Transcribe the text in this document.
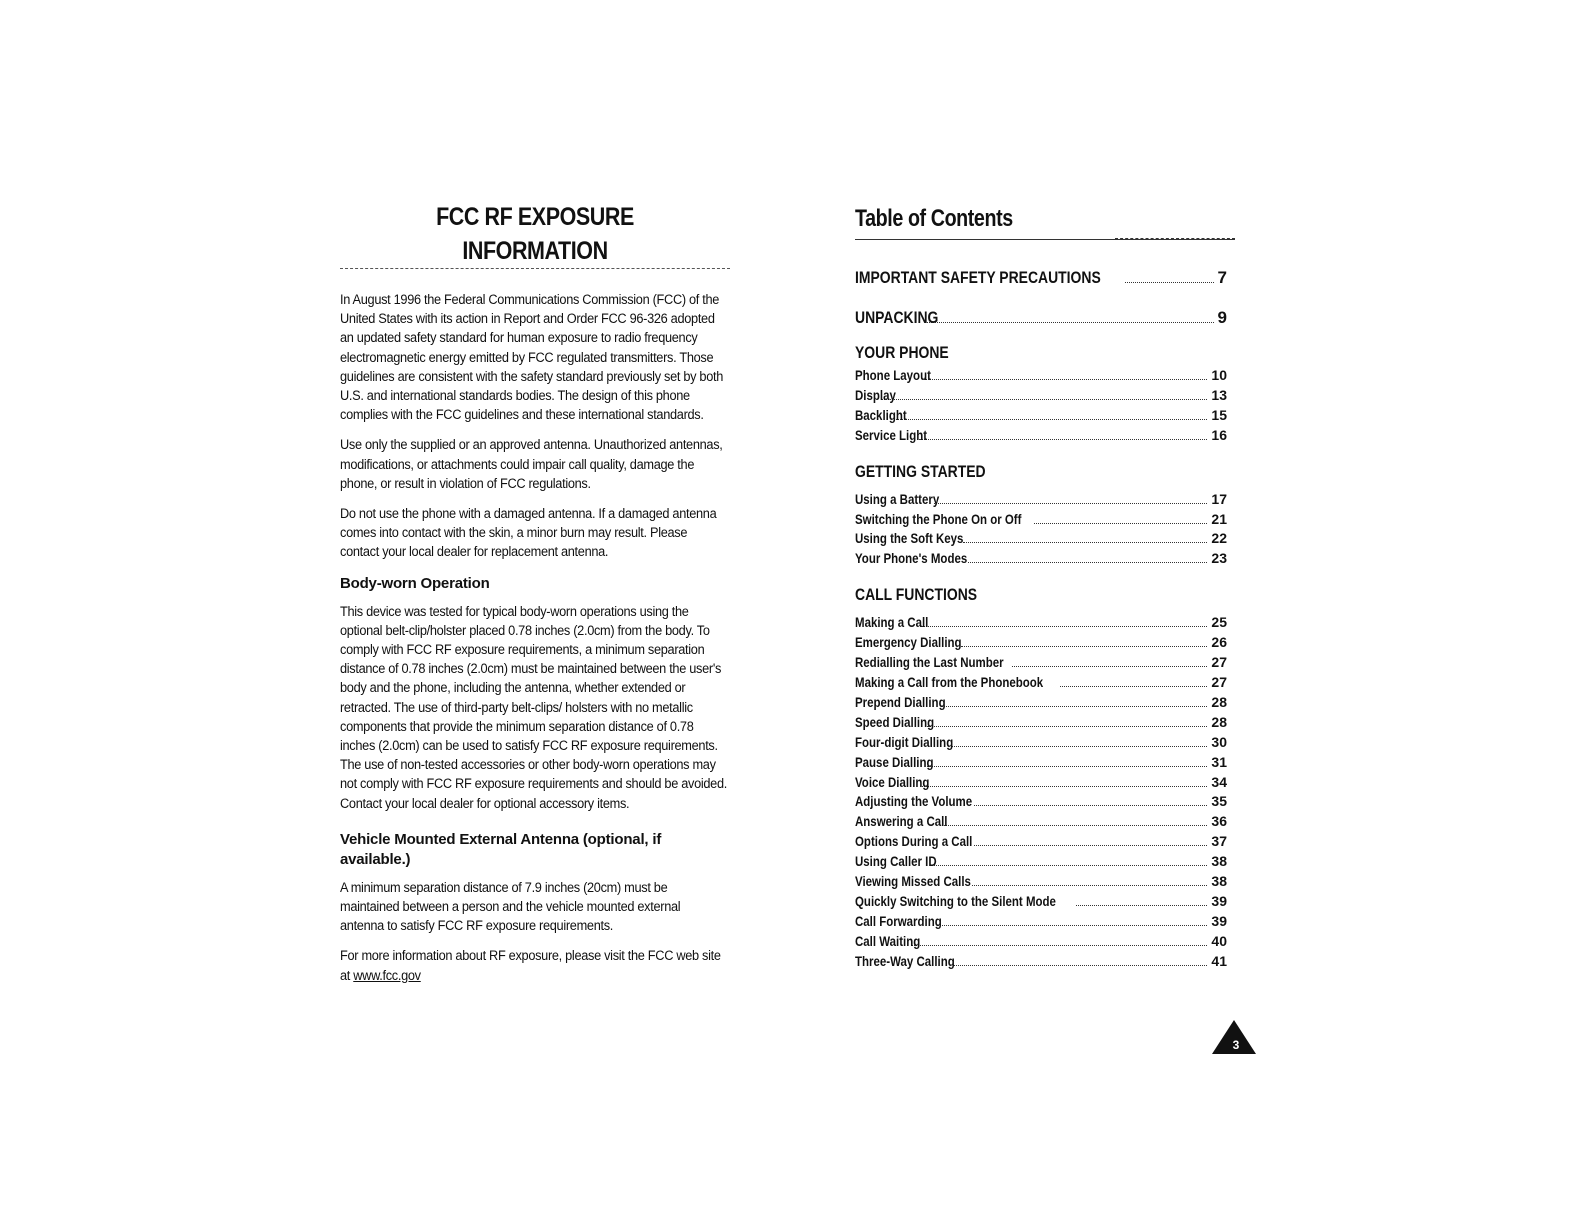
FCC RF EXPOSURE INFORMATION

In August 1996 the Federal Communications Commission (FCC) of the United States with its action in Report and Order FCC 96-326 adopted an updated safety standard for human exposure to radio frequency electromagnetic energy emitted by FCC regulated transmitters. Those guidelines are consistent with the safety standard previously set by both U.S. and international standards bodies. The design of this phone complies with the FCC guidelines and these international standards.

Use only the supplied or an approved antenna. Unauthorized antennas, modifications, or attachments could impair call quality, damage the phone, or result in violation of FCC regulations.

Do not use the phone with a damaged antenna. If a damaged antenna comes into contact with the skin, a minor burn may result. Please contact your local dealer for replacement antenna.

Body-worn Operation

This device was tested for typical body-worn operations using the optional belt-clip/holster placed 0.78 inches (2.0cm) from the body. To comply with FCC RF exposure requirements, a minimum separation distance of 0.78 inches (2.0cm) must be maintained between the user's body and the phone, including the antenna, whether extended or retracted. The use of third-party belt-clips/ holsters with no metallic components that provide the minimum separation distance of 0.78 inches (2.0cm) can be used to satisfy FCC RF exposure requirements. The use of non-tested accessories or other body-worn operations may not comply with FCC RF exposure requirements and should be avoided. Contact your local dealer for optional accessory items.

Vehicle Mounted External Antenna (optional, if available.)

A minimum separation distance of 7.9 inches (20cm) must be maintained between a person and the vehicle mounted external antenna to satisfy FCC RF exposure requirements.

For more information about RF exposure, please visit the FCC web site at www.fcc.gov

Table of Contents
IMPORTANT SAFETY PRECAUTIONS	7
UNPACKING	9
YOUR PHONE
Phone Layout	10
Display	13
Backlight	15
Service Light	16
GETTING STARTED
Using a Battery	17
Switching the Phone On or Off	21
Using the Soft Keys	22
Your Phone's Modes	23
CALL FUNCTIONS
Making a Call	25
Emergency Dialling	26
Redialling the Last Number	27
Making a Call from the Phonebook	27
Prepend Dialling	28
Speed Dialling	28
Four-digit Dialling	30
Pause Dialling	31
Voice Dialling	34
Adjusting the Volume	35
Answering a Call	36
Options During a Call	37
Using Caller ID	38
Viewing Missed Calls	38
Quickly Switching to the Silent Mode	39
Call Forwarding	39
Call Waiting	40
Three-Way Calling	41
3
